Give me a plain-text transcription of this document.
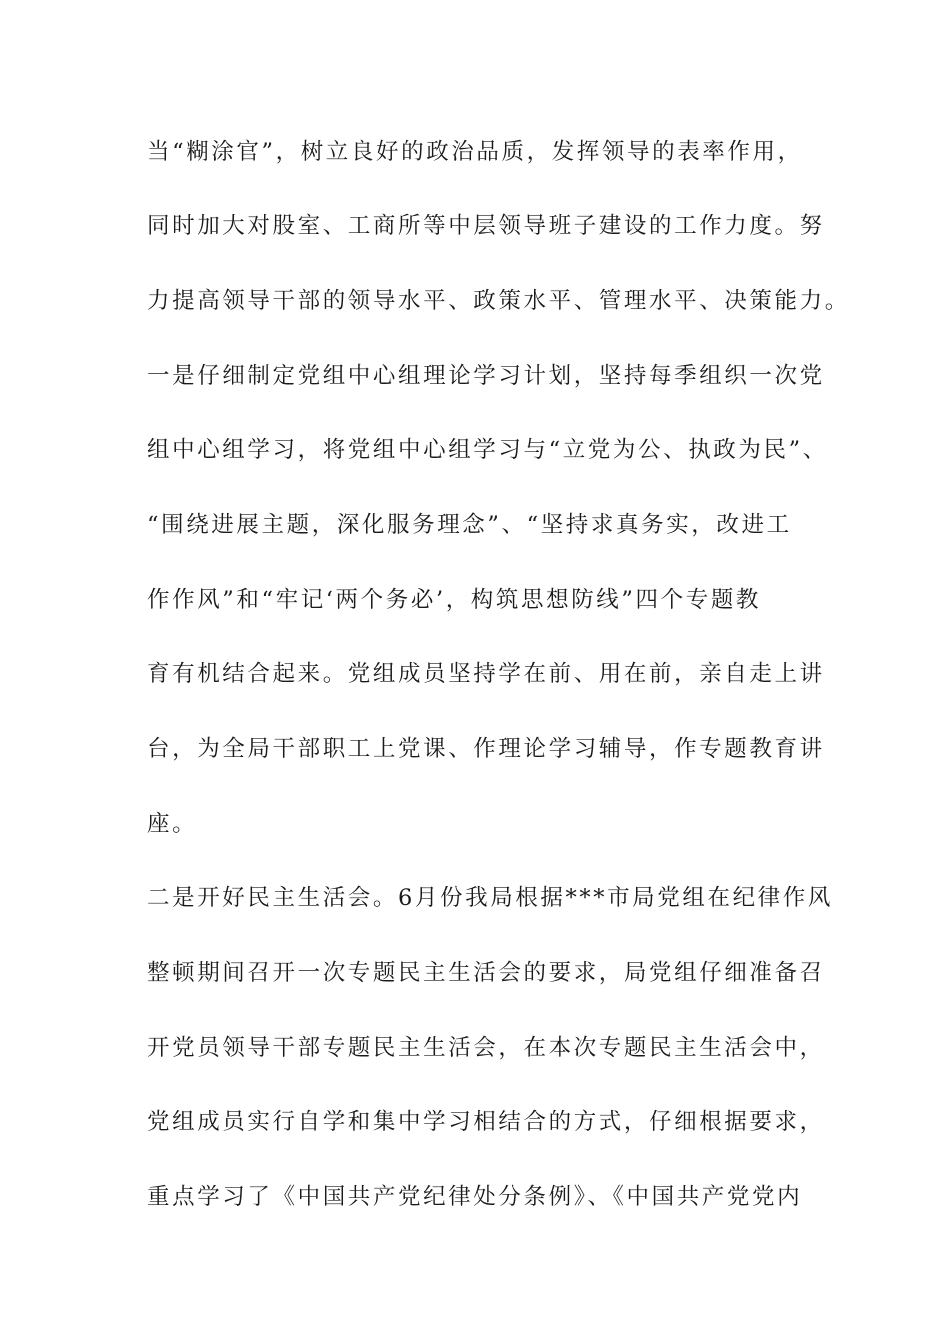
当“糊涂官”，树立良好的政治品质，发挥领导的表率作用，
同时加大对股室、工商所等中层领导班子建设的工作力度。努
力提高领导干部的领导水平、政策水平、管理水平、决策能力。
一是仔细制定党组中心组理论学习计划，坚持每季组织一次党
组中心组学习，将党组中心组学习与“立党为公、执政为民”、
“围绕进展主题，深化服务理念”、“坚持求真务实，改进工
作作风”和“牢记‘两个务必’，构筑思想防线”四个专题教
育有机结合起来。党组成员坚持学在前、用在前，亲自走上讲
台，为全局干部职工上党课、作理论学习辅导，作专题教育讲
座。
二是开好民主生活会。6月份我局根据***市局党组在纪律作风
整顿期间召开一次专题民主生活会的要求，局党组仔细准备召
开党员领导干部专题民主生活会，在本次专题民主生活会中，
党组成员实行自学和集中学习相结合的方式，仔细根据要求，
重点学习了《中国共产党纪律处分条例》、《中国共产党党内
